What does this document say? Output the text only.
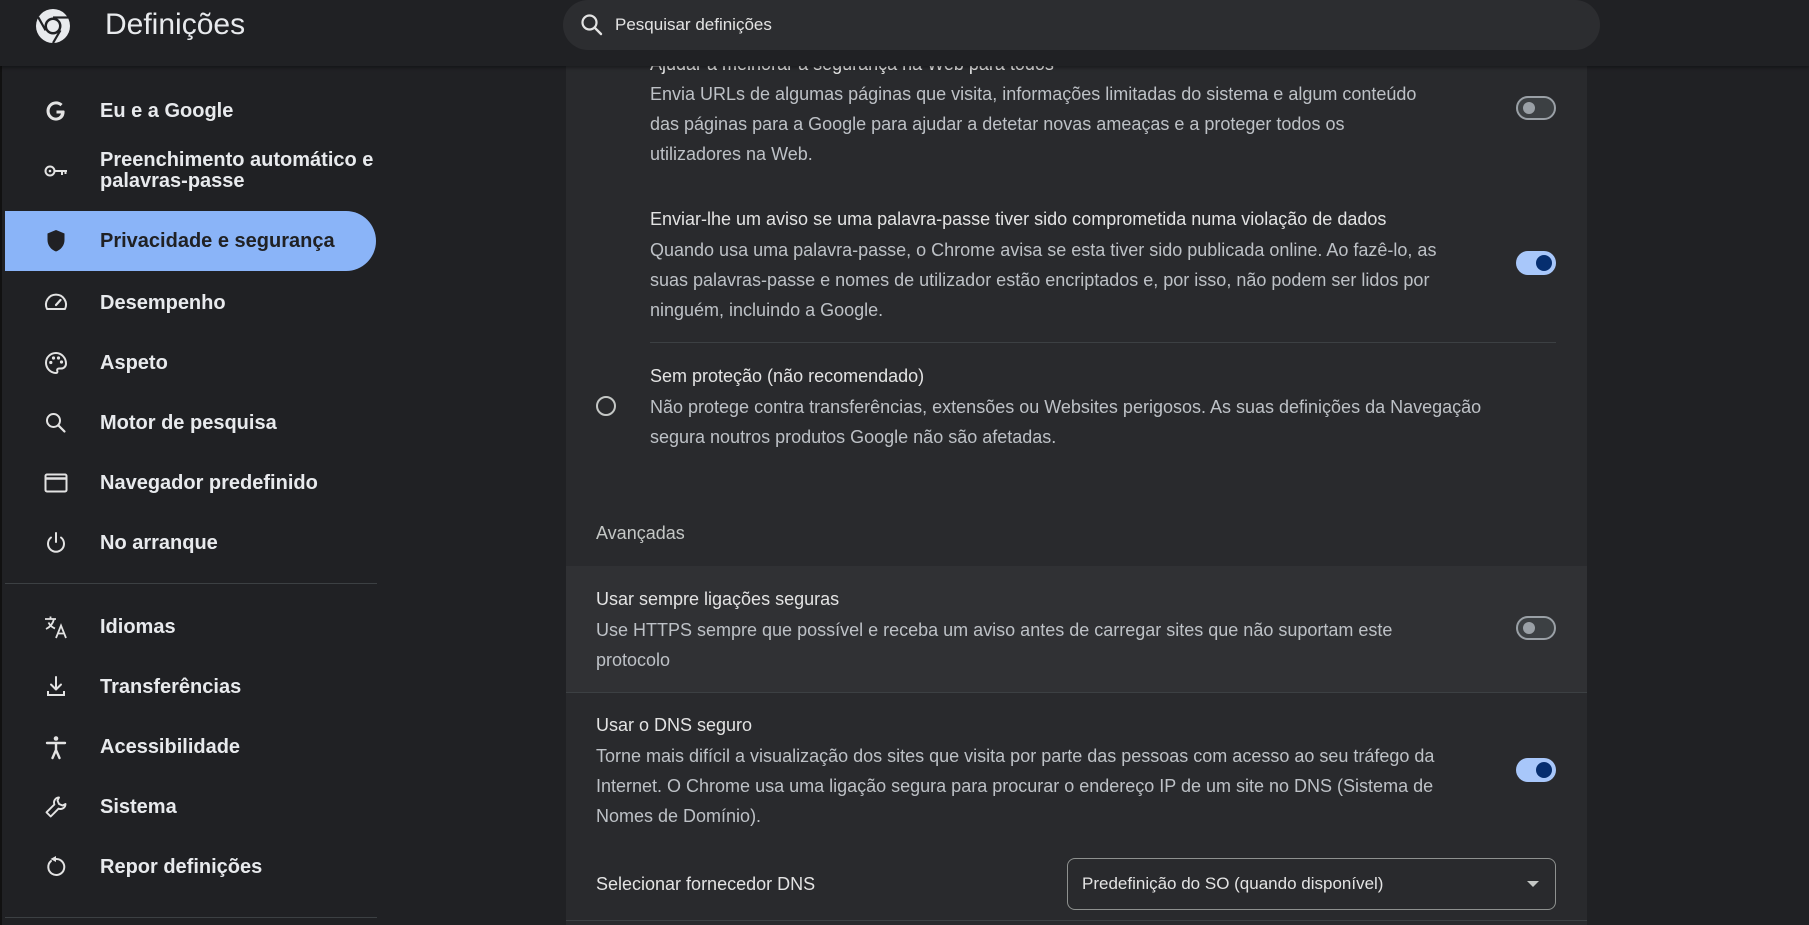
Definições
Pesquisar definições
Eu e a Google
Preenchimento automático e
palavras-passe
Privacidade e segurança
Desempenho
Aspeto
Motor de pesquisa
Navegador predefinido
No arranque
Idiomas
Transferências
Acessibilidade
Sistema
Repor definições
Envia URLs de algumas páginas que visita, informações limitadas do sistema e algum conteúdo
das páginas para a Google para ajudar a detetar novas ameaças e a proteger todos os
utilizadores na Web.
Enviar-lhe um aviso se uma palavra-passe tiver sido comprometida numa violação de dados
Quando usa uma palavra-passe, o Chrome avisa se esta tiver sido publicada online. Ao fazê-lo, as
suas palavras-passe e nomes de utilizador estão encriptados e, por isso, não podem ser lidos por
ninguém, incluindo a Google.
Sem proteção (não recomendado)
Não protege contra transferências, extensões ou Websites perigosos. As suas definições da Navegação
segura noutros produtos Google não são afetadas.
Avançadas
Usar sempre ligações seguras
Use HTTPS sempre que possível e receba um aviso antes de carregar sites que não suportam este
protocolo
Usar o DNS seguro
Torne mais difícil a visualização dos sites que visita por parte das pessoas com acesso ao seu tráfego da
Internet. O Chrome usa uma ligação segura para procurar o endereço IP de um site no DNS (Sistema de
Nomes de Domínio).
Selecionar fornecedor DNS	Predefinição do SO (quando disponível)
